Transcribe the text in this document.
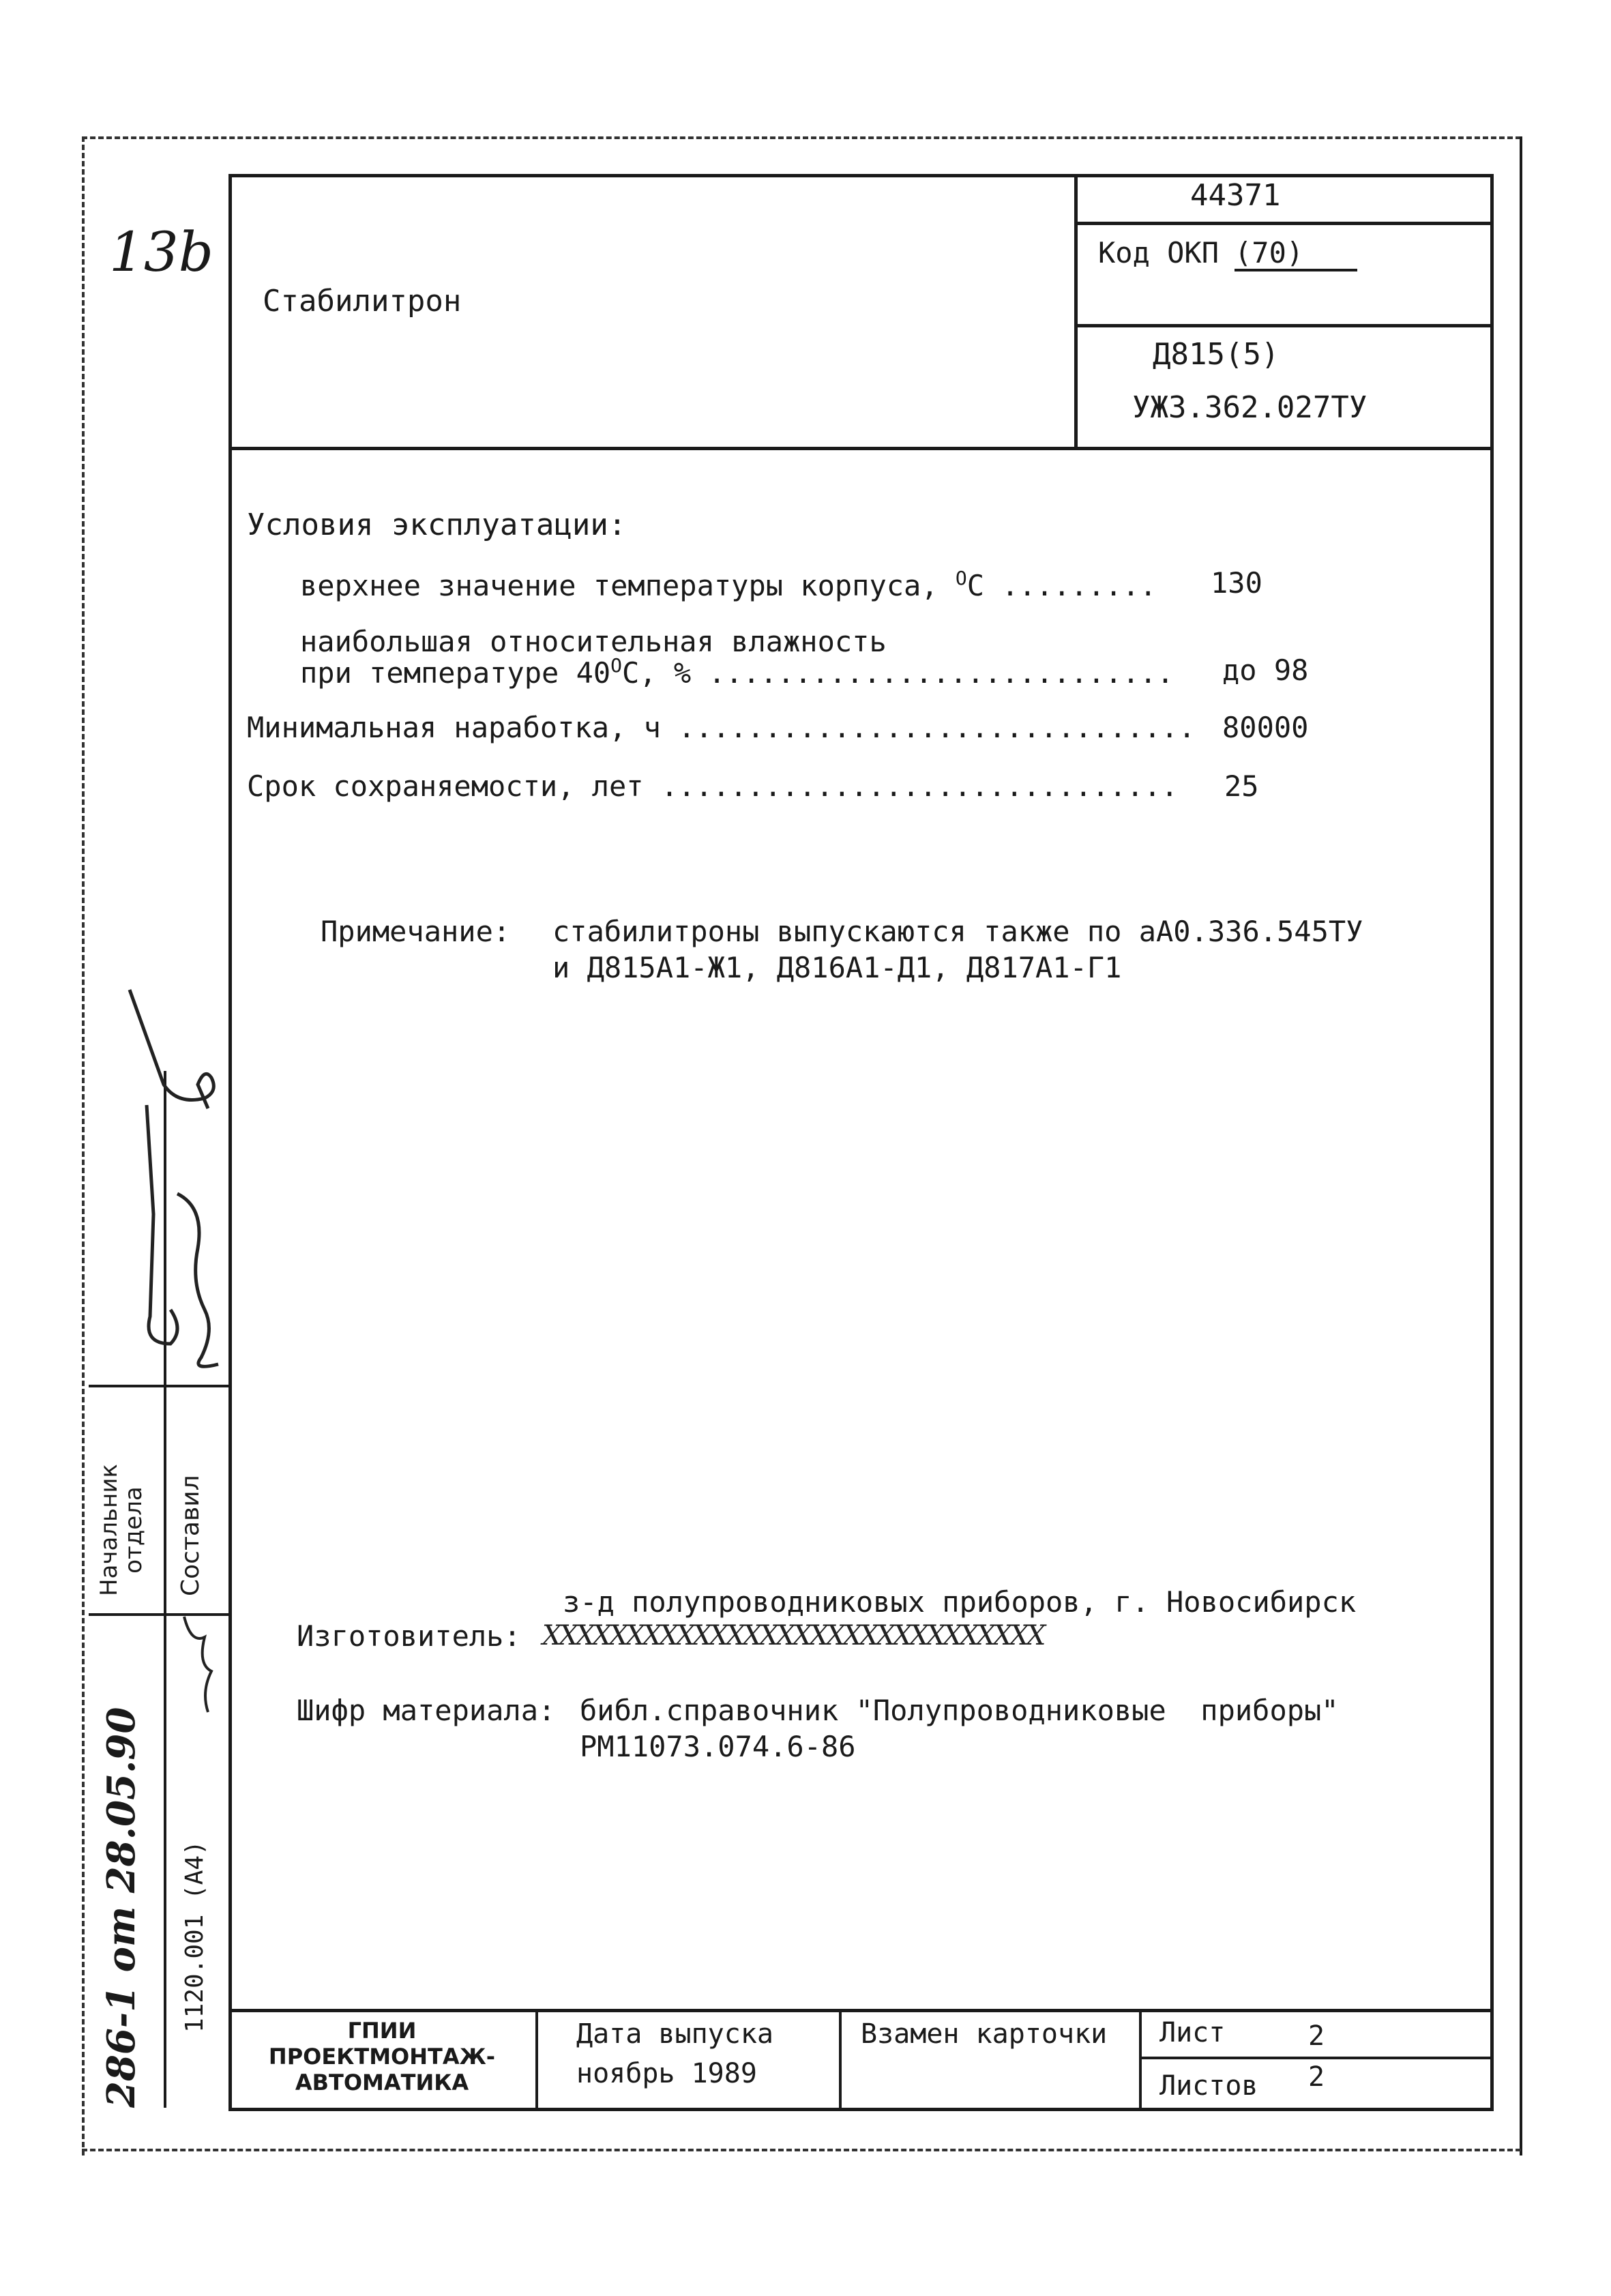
13b
Стабилитрон
44371
Код ОКП (70)
Д815(5)
УЖ3.362.027ТУ
Условия эксплуатации:
верхнее значение температуры корпуса, $^О$С ......... 130
наибольшая относительная влажность
при температуре $40^ОС$, % ........................... до 98
Минимальная наработка, ч .............................. 80000
Срок сохраняемости, лет .............................. 25
Примечание: стабилитроны выпускаются также по аА0.336.545ТУ
и Д815А1-Ж1, Д816А1-Д1, Д817А1-Г1
з-д полупроводниковых приборов, г. Новосибирск
Изготовитель: XXXXXXXXXXXXXXXXXXXXXXXXXXXXXX
Шифр материала: библ.справочник "Полупроводниковые  приборы"
РМ11073.074.6-86
Начальник
отдела Составил
1120.001 (А4)
286-1 от 28.05.90	ГПИИ
ПРОЕКТМОНТАЖ-
АВТОМАТИКА
Дата выпуска
ноябрь 1989
Взамен карточки Лист	2
Листов 2
